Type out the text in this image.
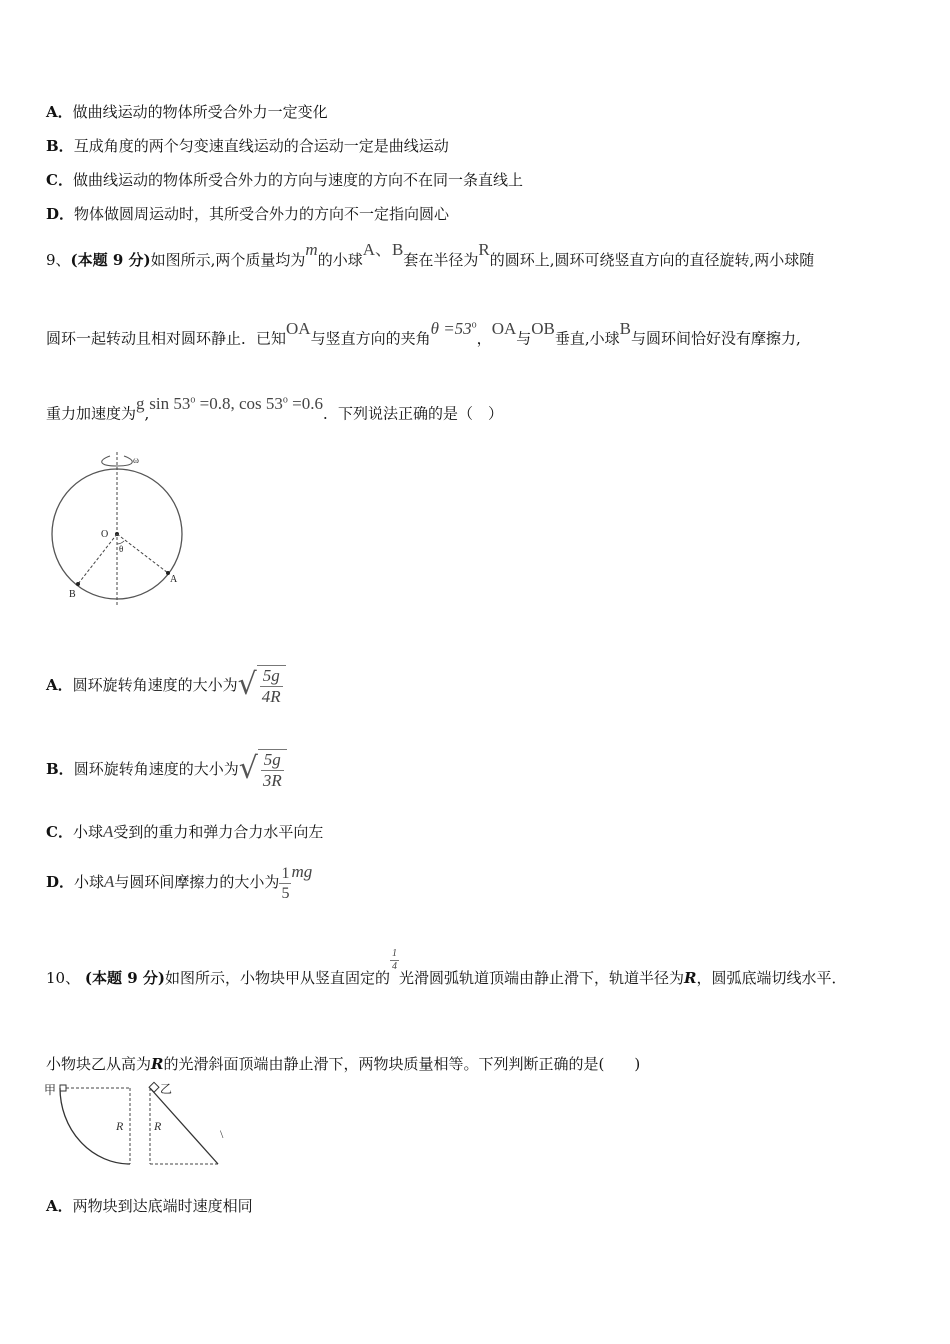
A．做曲线运动的物体所受合外力一定变化
B．互成角度的两个匀变速直线运动的合运动一定是曲线运动
C．做曲线运动的物体所受合外力的方向与速度的方向不在同一条直线上
D．物体做圆周运动时，其所受合外力的方向不一定指向圆心
9、(本题 9 分)如图所示,两个质量均为m的小球A、B套在半径为R的圆环上,圆环可绕竖直方向的直径旋转,两小球随
圆环一起转动且相对圆环静止．已知OA与竖直方向的夹角$\theta =53^o$，OA与OB垂直,小球B与圆环间恰好没有摩擦力,
重力加速度为g,sin $53^o =0.8$, $\cos 53^o =0.6$．下列说法正确的是（　）
ω
O
θ
A
B
A．圆环旋转角速度的大小为 √ $\frac{5g}{4R}$
B．圆环旋转角速度的大小为 √ $\frac{5g}{3R}$
C．小球A受到的重力和弹力合力水平向左
D．小球A与圆环间摩擦力的大小为 $\frac{1}{5}$ mg
10、 (本题 9 分)如图所示，小物块甲从竖直固定的
$\frac{1}{4}$
光滑圆弧轨道顶端由静止滑下，轨道半径为R，圆弧底端切线水平．
小物块乙从高为R的光滑斜面顶端由静止滑下，两物块质量相等。下列判断正确的是(　　)
甲
R
乙
R
\
A．两物块到达底端时速度相同
